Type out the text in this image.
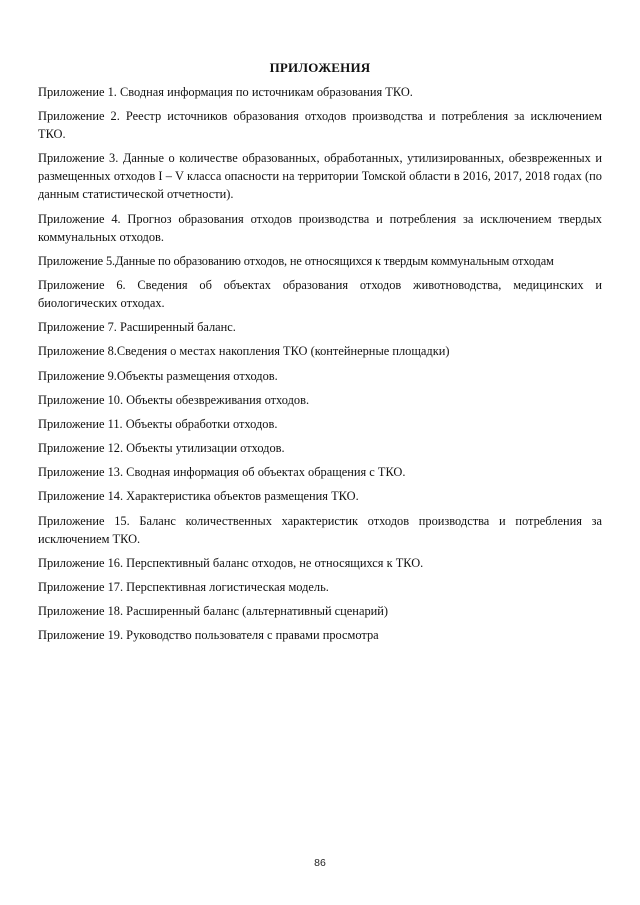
ПРИЛОЖЕНИЯ
Приложение 1. Сводная информация по источникам образования ТКО.
Приложение 2. Реестр источников образования отходов производства и потребления за исключением ТКО.
Приложение 3. Данные о количестве образованных, обработанных, утилизированных, обезвреженных и размещенных отходов I – V класса опасности на территории Томской области в 2016, 2017, 2018 годах (по данным статистической отчетности).
Приложение 4. Прогноз образования отходов производства и потребления за исключением твердых коммунальных отходов.
Приложение 5.Данные по образованию отходов, не относящихся к твердым коммунальным отходам
Приложение 6. Сведения об объектах образования отходов животноводства, медицинских и биологических отходах.
Приложение 7. Расширенный баланс.
Приложение 8.Сведения о местах накопления ТКО (контейнерные площадки)
Приложение 9.Объекты размещения отходов.
Приложение 10. Объекты обезвреживания отходов.
Приложение 11. Объекты обработки отходов.
Приложение 12. Объекты утилизации отходов.
Приложение 13. Сводная информация об объектах обращения с ТКО.
Приложение 14. Характеристика объектов размещения ТКО.
Приложение 15. Баланс количественных характеристик отходов производства и потребления за исключением ТКО.
Приложение 16. Перспективный баланс отходов, не относящихся к ТКО.
Приложение 17. Перспективная логистическая модель.
Приложение 18. Расширенный баланс (альтернативный сценарий)
Приложение 19. Руководство пользователя с правами просмотра
86
